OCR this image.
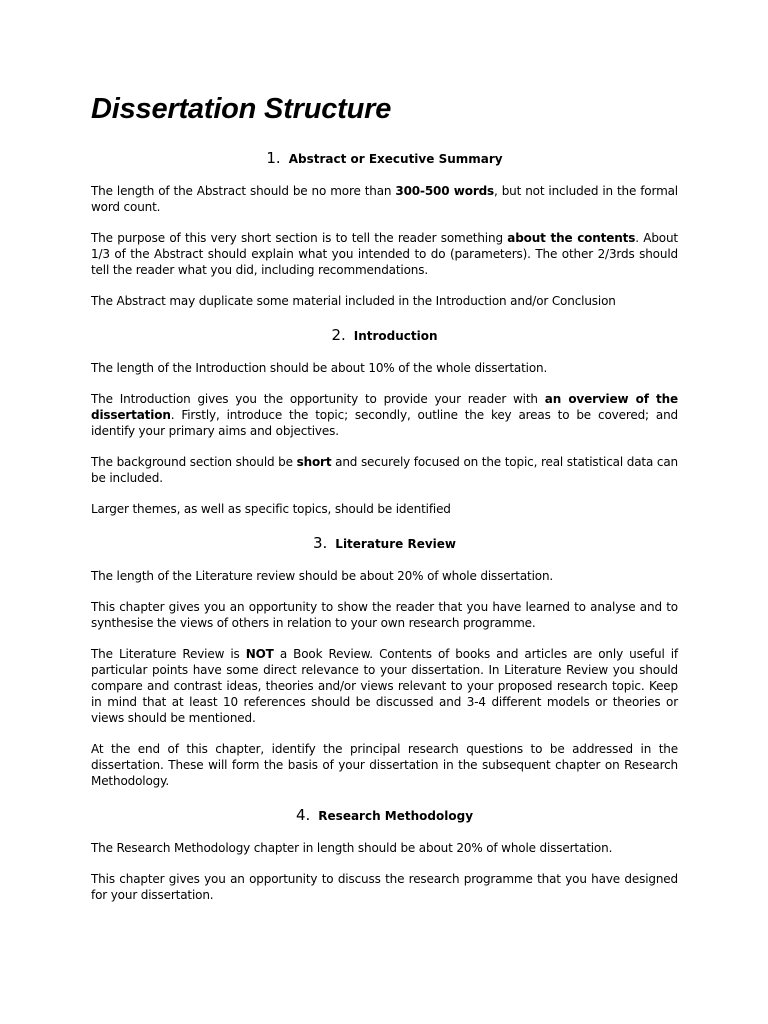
Dissertation Structure
1. Abstract or Executive Summary

The length of the Abstract should be no more than 300-500 words, but not included in the formal word count.

The purpose of this very short section is to tell the reader something about the contents. About 1/3 of the Abstract should explain what you intended to do (parameters). The other 2/3rds should tell the reader what you did, including recommendations.

The Abstract may duplicate some material included in the Introduction and/or Conclusion

2. Introduction

The length of the Introduction should be about 10% of the whole dissertation.

The Introduction gives you the opportunity to provide your reader with an overview of the dissertation. Firstly, introduce the topic; secondly, outline the key areas to be covered; and identify your primary aims and objectives.

The background section should be short and securely focused on the topic, real statistical data can be included.

Larger themes, as well as specific topics, should be identified

3. Literature Review

The length of the Literature review should be about 20% of whole dissertation.

This chapter gives you an opportunity to show the reader that you have learned to analyse and to synthesise the views of others in relation to your own research programme.

The Literature Review is NOT a Book Review. Contents of books and articles are only useful if particular points have some direct relevance to your dissertation. In Literature Review you should compare and contrast ideas, theories and/or views relevant to your proposed research topic. Keep in mind that at least 10 references should be discussed and 3-4 different models or theories or views should be mentioned.

At the end of this chapter, identify the principal research questions to be addressed in the dissertation. These will form the basis of your dissertation in the subsequent chapter on Research Methodology.

4. Research Methodology

The Research Methodology chapter in length should be about 20% of whole dissertation.

This chapter gives you an opportunity to discuss the research programme that you have designed for your dissertation.
